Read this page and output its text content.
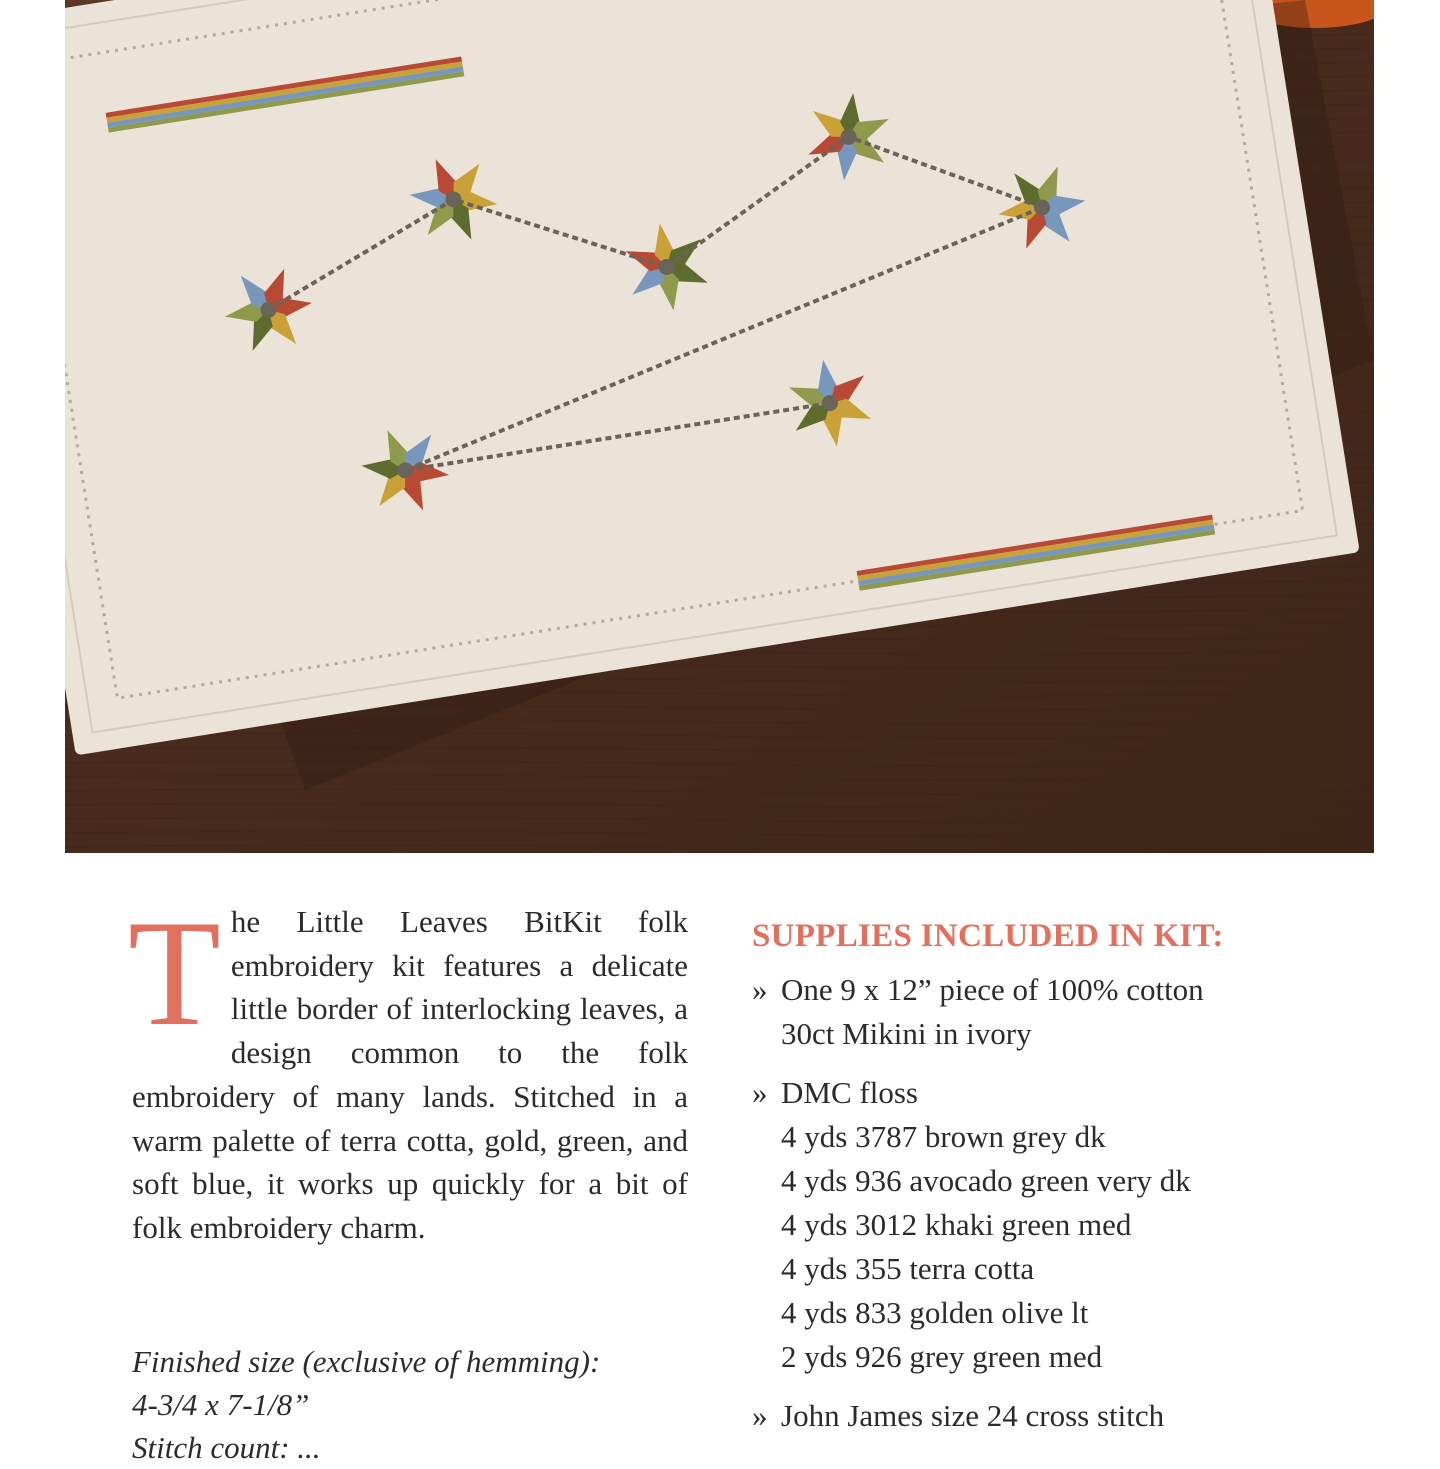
T he Little Leaves BitKit folk embroidery kit features a delicate little border of interlocking leaves, a design common to the folk embroidery of many lands. Stitched in a warm palette of terra cotta, gold, green, and soft blue, it works up quickly for a bit of folk embroidery charm.

Finished size (exclusive of hemming):
4-3/4 x 7-1/8”
Stitch count: ...
SUPPLIES INCLUDED IN KIT:
» One 9 x 12” piece of 100% cotton
30ct Mikini in ivory
» DMC floss
4 yds 3787 brown grey dk
4 yds 936 avocado green very dk
4 yds 3012 khaki green med
4 yds 355 terra cotta
4 yds 833 golden olive lt
2 yds 926 grey green med
» John James size 24 cross stitch
